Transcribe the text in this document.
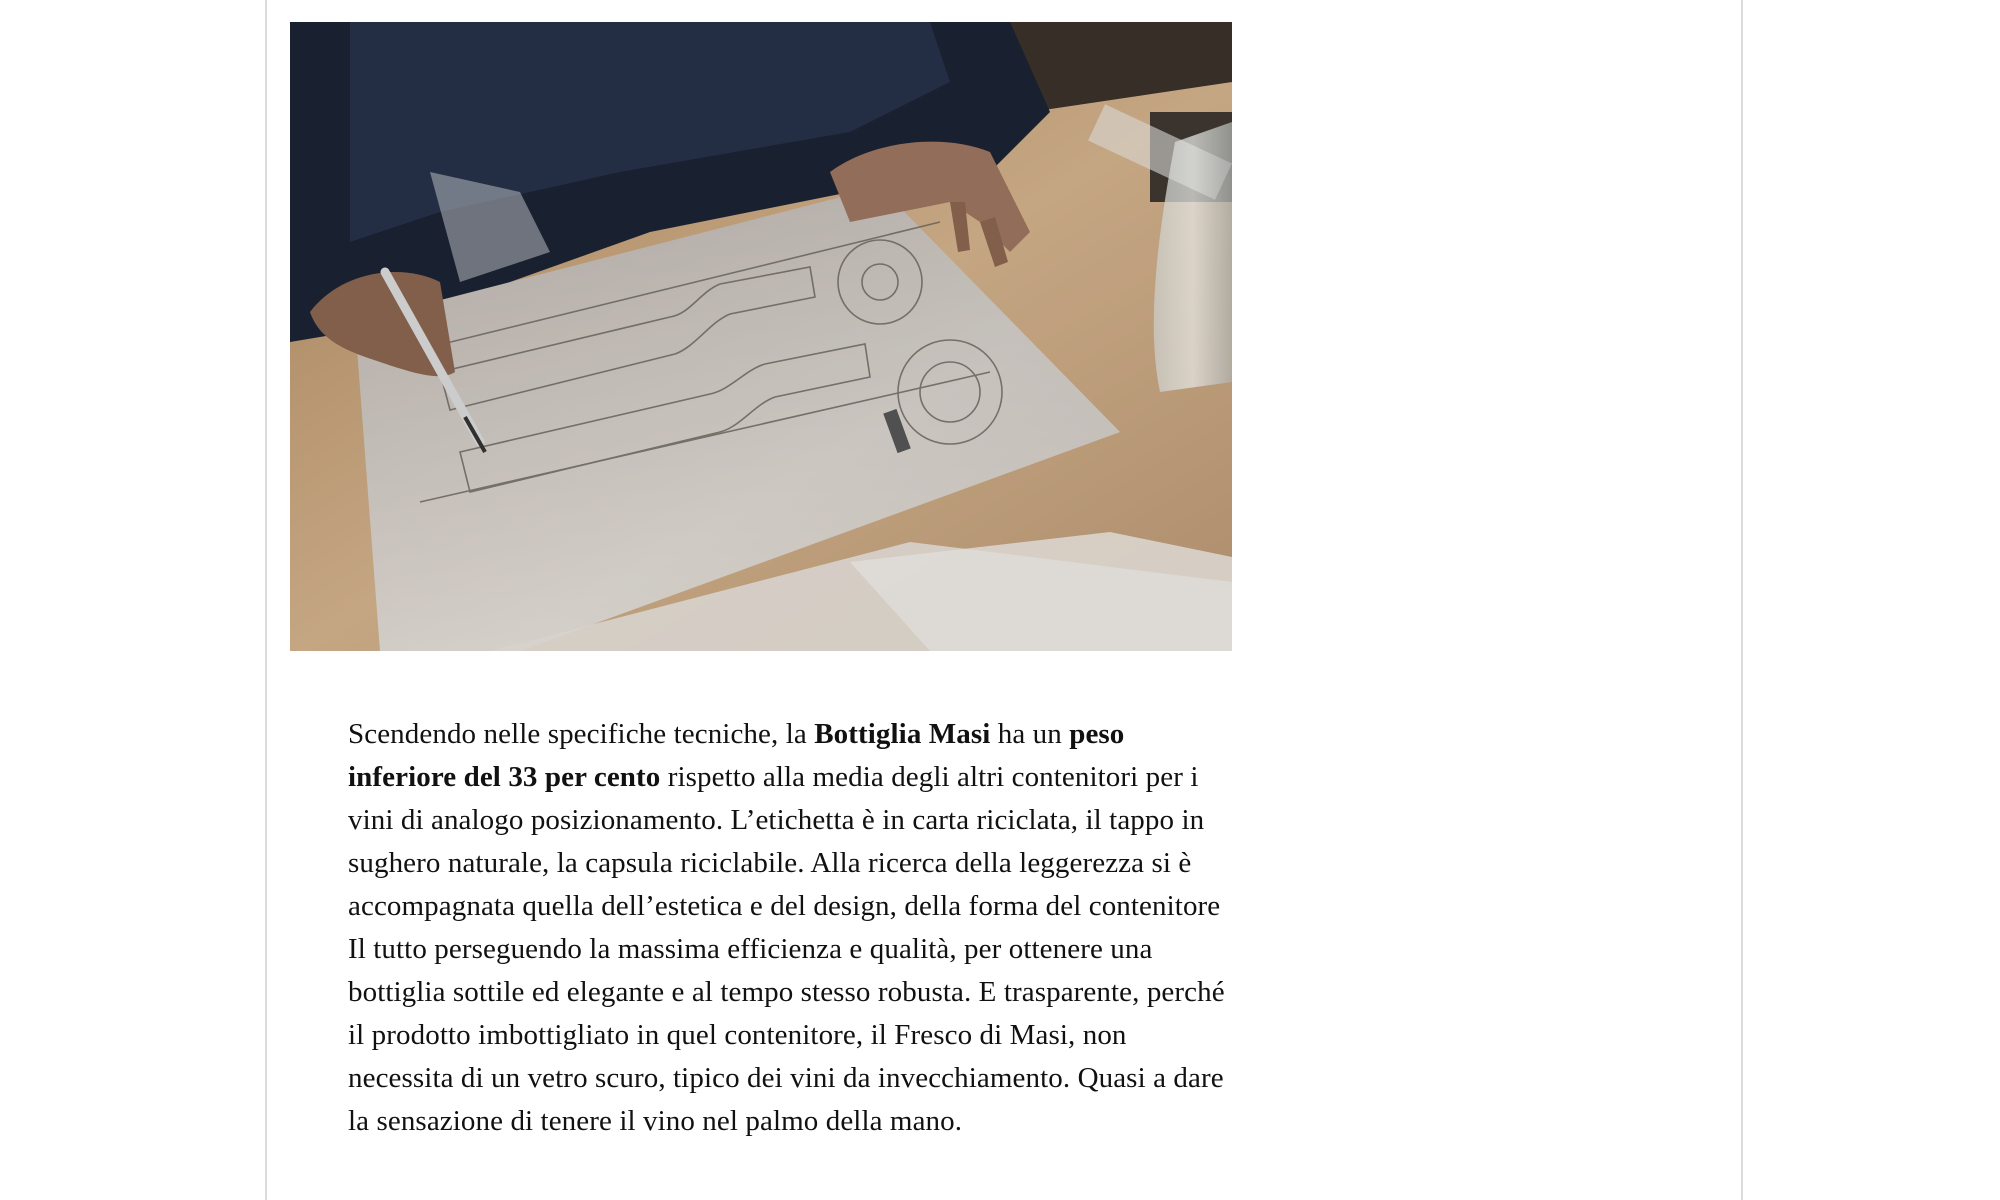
Scendendo nelle specifiche tecniche, la Bottiglia Masi ha un peso inferiore del 33 per cento rispetto alla media degli altri contenitori per i vini di analogo posizionamento. L’etichetta è in carta riciclata, il tappo in sughero naturale, la capsula riciclabile. Alla ricerca della leggerezza si è accompagnata quella dell’estetica e del design, della forma del contenitore Il tutto perseguendo la massima efficienza e qualità, per ottenere una bottiglia sottile ed elegante e al tempo stesso robusta. E trasparente, perché il prodotto imbottigliato in quel contenitore, il Fresco di Masi, non necessita di un vetro scuro, tipico dei vini da invecchiamento. Quasi a dare la sensazione di tenere il vino nel palmo della mano.
